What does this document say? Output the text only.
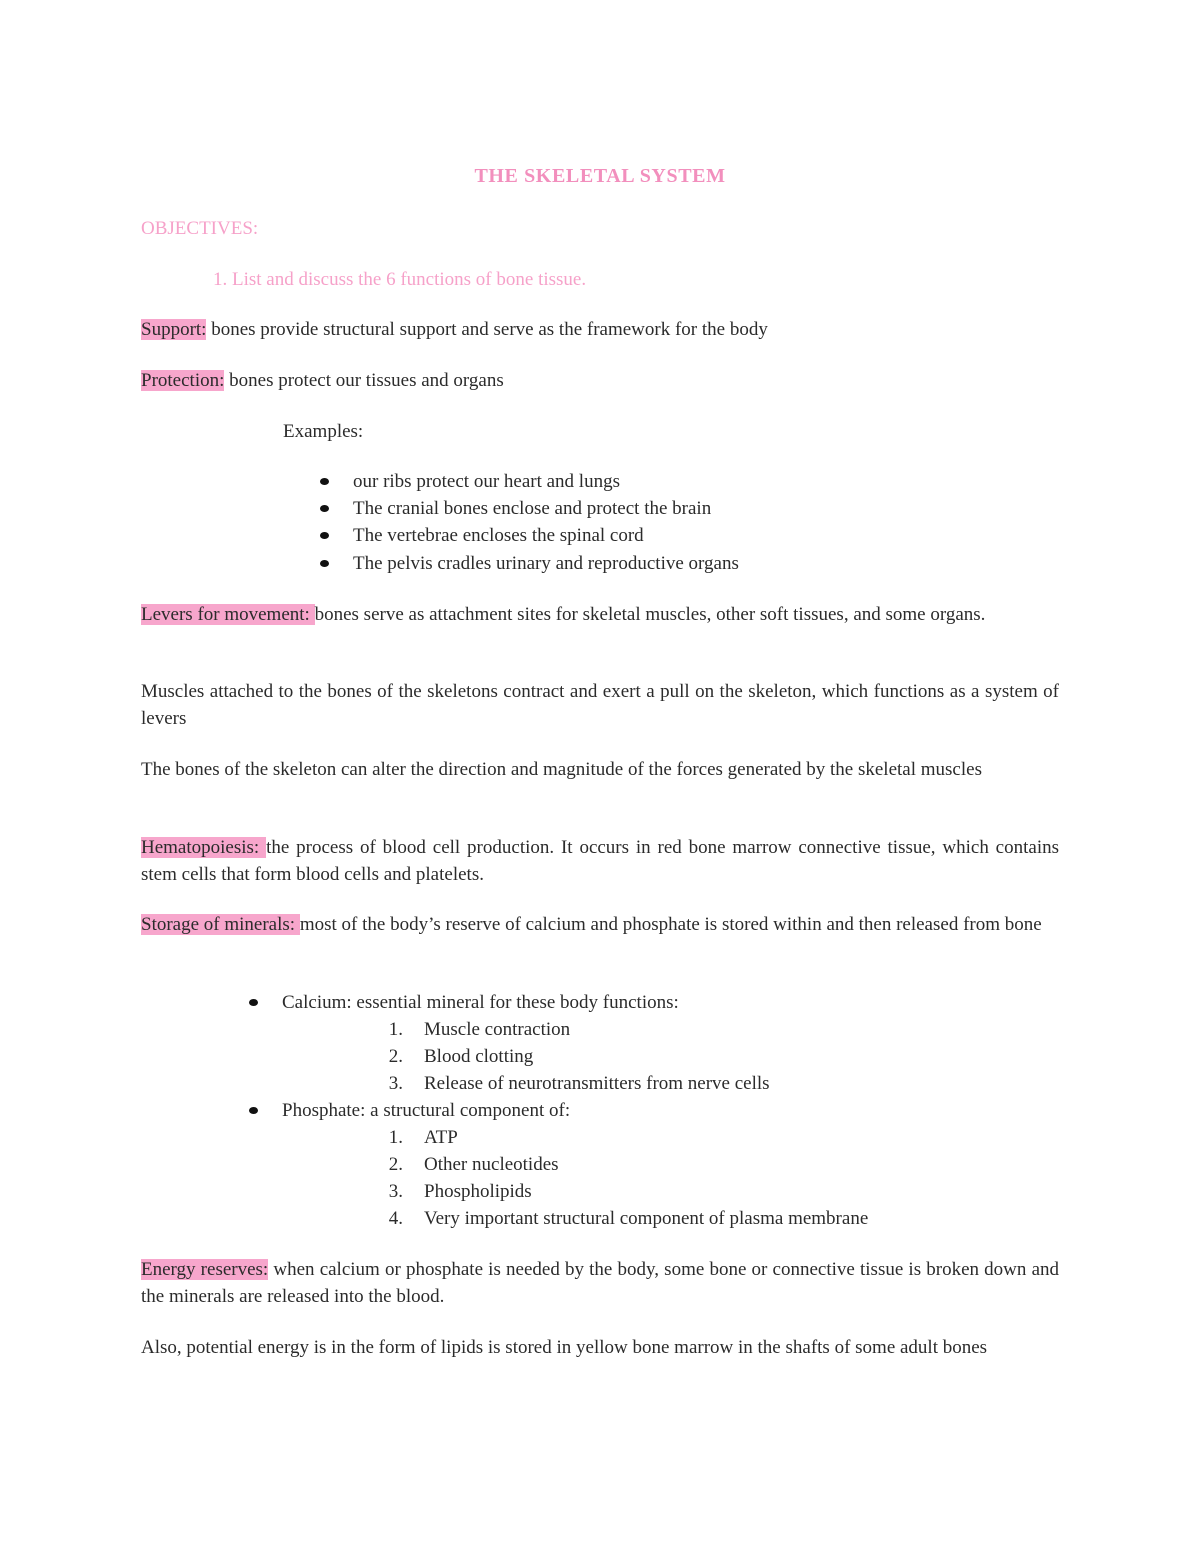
THE SKELETAL SYSTEM
OBJECTIVES:
1. List and discuss the 6 functions of bone tissue.
Support: bones provide structural support and serve as the framework for the body
Protection: bones protect our tissues and organs
Examples:
our ribs protect our heart and lungs
The cranial bones enclose and protect the brain
The vertebrae encloses the spinal cord
The pelvis cradles urinary and reproductive organs
Levers for movement: bones serve as attachment sites for skeletal muscles, other soft tissues, and some organs.
Muscles attached to the bones of the skeletons contract and exert a pull on the skeleton, which functions as a system of levers
The bones of the skeleton can alter the direction and magnitude of the forces generated by the skeletal muscles
Hematopoiesis: the process of blood cell production. It occurs in red bone marrow connective tissue, which contains stem cells that form blood cells and platelets.
Storage of minerals: most of the body’s reserve of calcium and phosphate is stored within and then released from bone
Calcium: essential mineral for these body functions:
1. Muscle contraction
2. Blood clotting
3. Release of neurotransmitters from nerve cells
Phosphate: a structural component of:
1. ATP
2. Other nucleotides
3. Phospholipids
4. Very important structural component of plasma membrane
Energy reserves: when calcium or phosphate is needed by the body, some bone or connective tissue is broken down and the minerals are released into the blood.
Also, potential energy is in the form of lipids is stored in yellow bone marrow in the shafts of some adult bones
